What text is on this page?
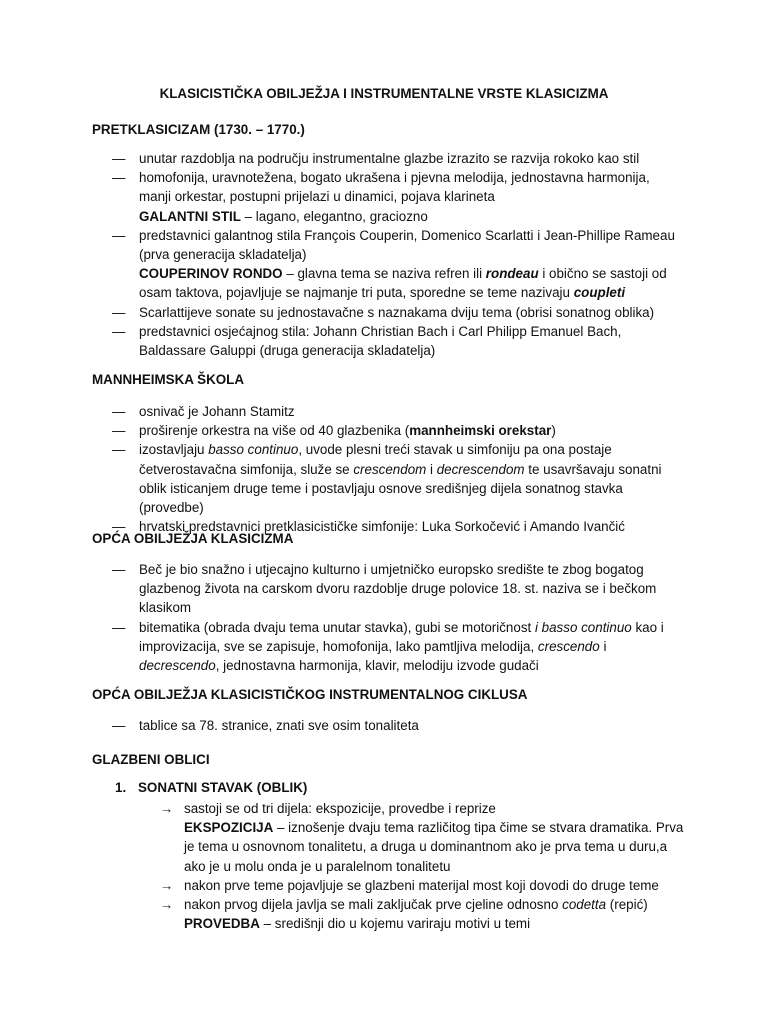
KLASICISTIČKA OBILJEŽJA I INSTRUMENTALNE VRSTE KLASICIZMA
PRETKLASICIZAM (1730. – 1770.)
— unutar razdoblja na području instrumentalne glazbe izrazito se razvija rokoko kao stil
— homofonija, uravnotežena, bogato ukrašena i pjevna melodija, jednostavna harmonija, manji orkestar, postupni prijelazi u dinamici, pojava klarineta
GALANTNI STIL – lagano, elegantno, graciozno
— predstavnici galantnog stila François Couperin, Domenico Scarlatti i Jean-Phillipe Rameau (prva generacija skladatelja)
COUPERINOV RONDO – glavna tema se naziva refren ili rondeau i obično se sastoji od osam taktova, pojavljuje se najmanje tri puta, sporedne se teme nazivaju coupleti
— Scarlattijeve sonate su jednostavačne s naznakama dviju tema (obrisi sonatnog oblika)
— predstavnici osjećajnog stila: Johann Christian Bach i Carl Philipp Emanuel Bach, Baldassare Galuppi (druga generacija skladatelja)
MANNHEIMSKA ŠKOLA
— osnivač je Johann Stamitz
— proširenje orkestra na više od 40 glazbenika (mannheimski orekstar)
— izostavljaju basso continuo, uvode plesni treći stavak u simfoniju pa ona postaje četverostavačna simfonija, služe se crescendom i decrescendom te usavršavaju sonatni oblik isticanjem druge teme i postavljaju osnove središnjeg dijela sonatnog stavka (provedbe)
— hrvatski predstavnici pretklasicističke simfonije: Luka Sorkočević i Amando Ivančić
OPĆA OBILJEŽJA KLASICIZMA
— Beč je bio snažno i utjecajno kulturno i umjetničko europsko središte te zbog bogatog glazbenog života na carskom dvoru razdoblje druge polovice 18. st. naziva se i bečkom klasikom
— bitematika (obrada dvaju tema unutar stavka), gubi se motoričnost i basso continuo kao i improvizacija, sve se zapisuje, homofonija, lako pamtljiva melodija, crescendo i decrescendo, jednostavna harmonija, klavir, melodiju izvode gudači
OPĆA OBILJEŽJA KLASICISTIČKOG INSTRUMENTALNOG CIKLUSA
— tablice sa 78. stranice, znati sve osim tonaliteta
GLAZBENI OBLICI
1. SONATNI STAVAK (OBLIK)
→ sastoji se od tri dijela: ekspozicije, provedbe i reprize
EKSPOZICIJA – iznošenje dvaju tema različitog tipa čime se stvara dramatika. Prva je tema u osnovnom tonalitetu, a druga u dominantnom ako je prva tema u duru,a ako je u molu onda je u paralelnom tonalitetu
→ nakon prve teme pojavljuje se glazbeni materijal most koji dovodi do druge teme
→ nakon prvog dijela javlja se mali zaključak prve cjeline odnosno codetta (repić)
PROVEDBA – središnji dio u kojemu variraju motivi u temi
